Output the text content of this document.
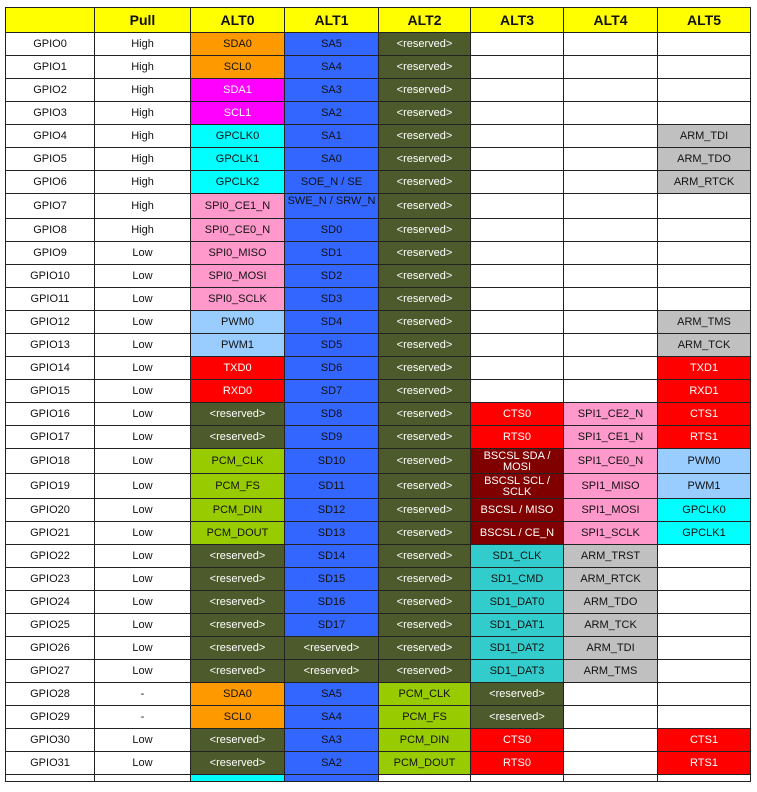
	Pull	ALT0	ALT1	ALT2	ALT3	ALT4	ALT5
GPIO0	High	SDA0	SA5	<reserved>			
GPIO1	High	SCL0	SA4	<reserved>			
GPIO2	High	SDA1	SA3	<reserved>			
GPIO3	High	SCL1	SA2	<reserved>			
GPIO4	High	GPCLK0	SA1	<reserved>			ARM_TDI
GPIO5	High	GPCLK1	SA0	<reserved>			ARM_TDO
GPIO6	High	GPCLK2	SOE_N / SE	<reserved>			ARM_RTCK
GPIO7	High	SPI0_CE1_N	SWE_N / SRW_N	<reserved>			
GPIO8	High	SPI0_CE0_N	SD0	<reserved>			
GPIO9	Low	SPI0_MISO	SD1	<reserved>			
GPIO10	Low	SPI0_MOSI	SD2	<reserved>			
GPIO11	Low	SPI0_SCLK	SD3	<reserved>			
GPIO12	Low	PWM0	SD4	<reserved>			ARM_TMS
GPIO13	Low	PWM1	SD5	<reserved>			ARM_TCK
GPIO14	Low	TXD0	SD6	<reserved>			TXD1
GPIO15	Low	RXD0	SD7	<reserved>			RXD1
GPIO16	Low	<reserved>	SD8	<reserved>	CTS0	SPI1_CE2_N	CTS1
GPIO17	Low	<reserved>	SD9	<reserved>	RTS0	SPI1_CE1_N	RTS1
GPIO18	Low	PCM_CLK	SD10	<reserved>	BSCSL SDA / MOSI	SPI1_CE0_N	PWM0
GPIO19	Low	PCM_FS	SD11	<reserved>	BSCSL SCL / SCLK	SPI1_MISO	PWM1
GPIO20	Low	PCM_DIN	SD12	<reserved>	BSCSL / MISO	SPI1_MOSI	GPCLK0
GPIO21	Low	PCM_DOUT	SD13	<reserved>	BSCSL / CE_N	SPI1_SCLK	GPCLK1
GPIO22	Low	<reserved>	SD14	<reserved>	SD1_CLK	ARM_TRST	
GPIO23	Low	<reserved>	SD15	<reserved>	SD1_CMD	ARM_RTCK	
GPIO24	Low	<reserved>	SD16	<reserved>	SD1_DAT0	ARM_TDO	
GPIO25	Low	<reserved>	SD17	<reserved>	SD1_DAT1	ARM_TCK	
GPIO26	Low	<reserved>	<reserved>	<reserved>	SD1_DAT2	ARM_TDI	
GPIO27	Low	<reserved>	<reserved>	<reserved>	SD1_DAT3	ARM_TMS	
GPIO28	-	SDA0	SA5	PCM_CLK	<reserved>		
GPIO29	-	SCL0	SA4	PCM_FS	<reserved>		
GPIO30	Low	<reserved>	SA3	PCM_DIN	CTS0		CTS1
GPIO31	Low	<reserved>	SA2	PCM_DOUT	RTS0		RTS1
